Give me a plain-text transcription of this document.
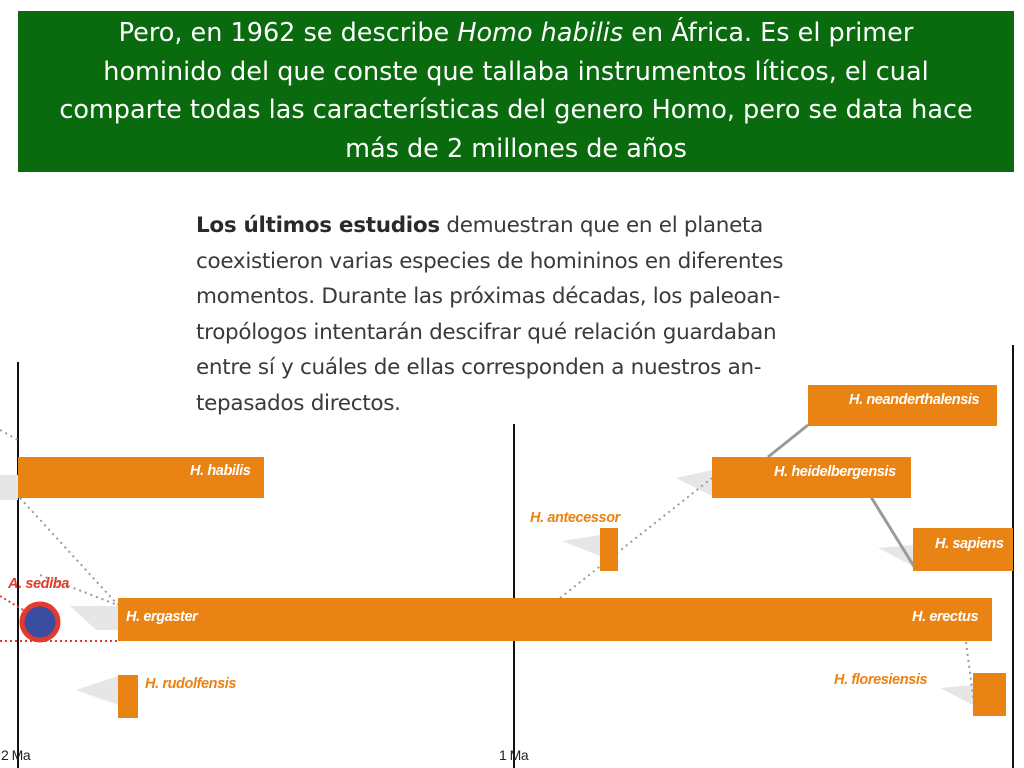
Pero, en 1962 se describe Homo habilis en África. Es el primer
hominido del que conste que tallaba instrumentos líticos, el cual
comparte todas las características del genero Homo, pero se data hace
más de 2 millones de años
Los últimos estudios demuestran que en el planeta
coexistieron varias especies de homininos en diferentes
momentos. Durante las próximas décadas, los paleoan-
tropólogos intentarán descifrar qué relación guardaban
entre sí y cuáles de ellas corresponden a nuestros an-
tepasados directos.
H. habilis
H. ergaster	H. erectus
H. rudolfensis
H. antecessor
H. heidelbergensis
H. neanderthalensis
H. sapiens
H. floresiensis
A. sediba
2 Ma	1 Ma
